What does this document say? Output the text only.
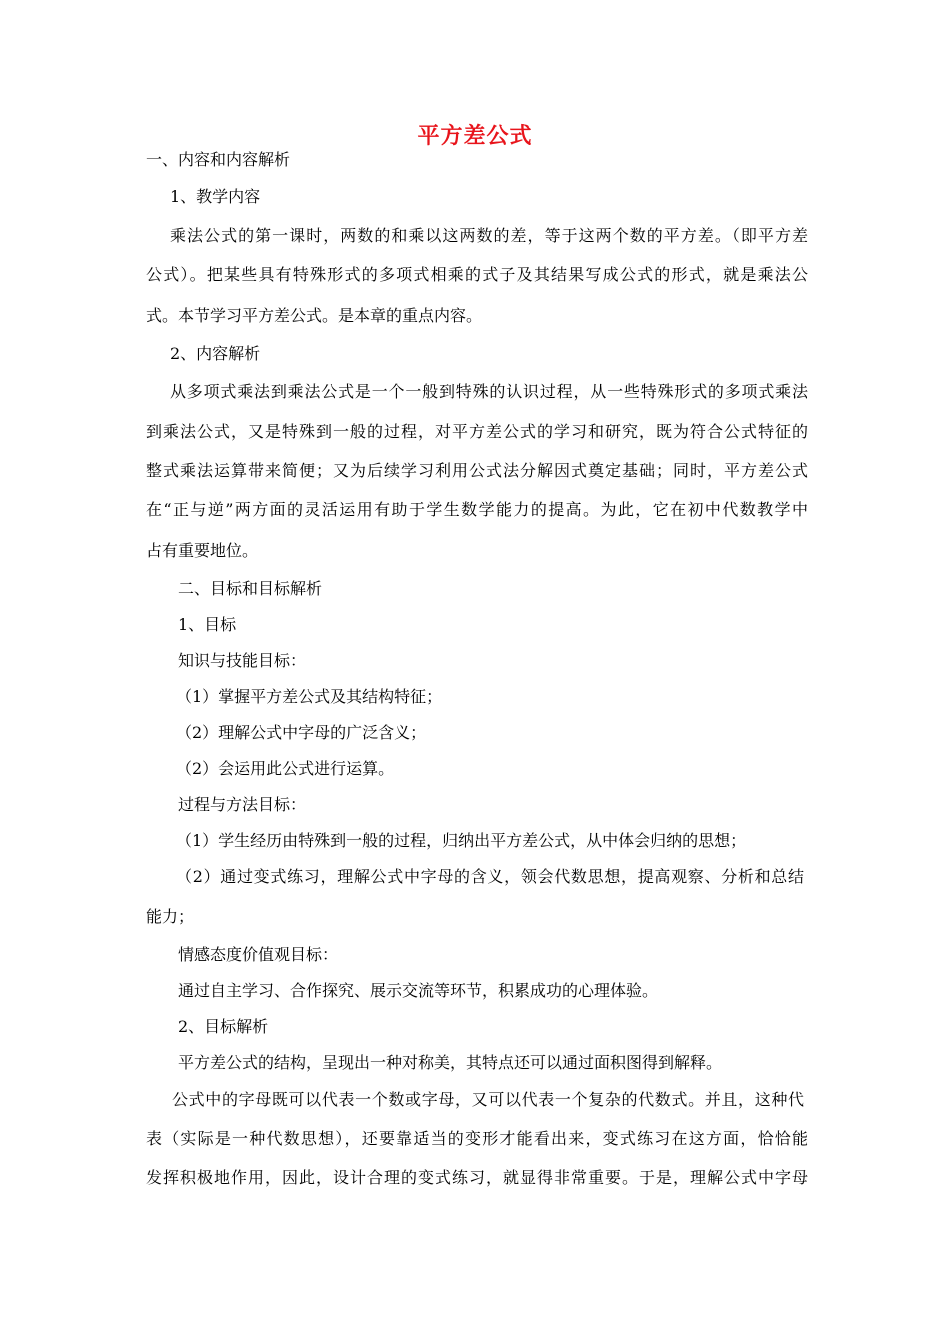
平方差公式
一、内容和内容解析
1、教学内容
乘法公式的第一课时，两数的和乘以这两数的差，等于这两个数的平方差。（即平方差
公式）。把某些具有特殊形式的多项式相乘的式子及其结果写成公式的形式，就是乘法公
式。本节学习平方差公式。是本章的重点内容。
2、内容解析
从多项式乘法到乘法公式是一个一般到特殊的认识过程，从一些特殊形式的多项式乘法
到乘法公式，又是特殊到一般的过程，对平方差公式的学习和研究，既为符合公式特征的
整式乘法运算带来简便；又为后续学习利用公式法分解因式奠定基础；同时，平方差公式
在“正与逆”两方面的灵活运用有助于学生数学能力的提高。为此，它在初中代数教学中
占有重要地位。
二、目标和目标解析
1、目标
知识与技能目标：
（1）掌握平方差公式及其结构特征；
（2）理解公式中字母的广泛含义；
（2）会运用此公式进行运算。
过程与方法目标：
（1）学生经历由特殊到一般的过程，归纳出平方差公式，从中体会归纳的思想；
（2）通过变式练习，理解公式中字母的含义，领会代数思想，提高观察、分析和总结
能力；
情感态度价值观目标：
通过自主学习、合作探究、展示交流等环节，积累成功的心理体验。
2、目标解析
平方差公式的结构，呈现出一种对称美，其特点还可以通过面积图得到解释。
公式中的字母既可以代表一个数或字母，又可以代表一个复杂的代数式。并且，这种代
表（实际是一种代数思想），还要靠适当的变形才能看出来，变式练习在这方面，恰恰能
发挥积极地作用，因此，设计合理的变式练习，就显得非常重要。于是，理解公式中字母
